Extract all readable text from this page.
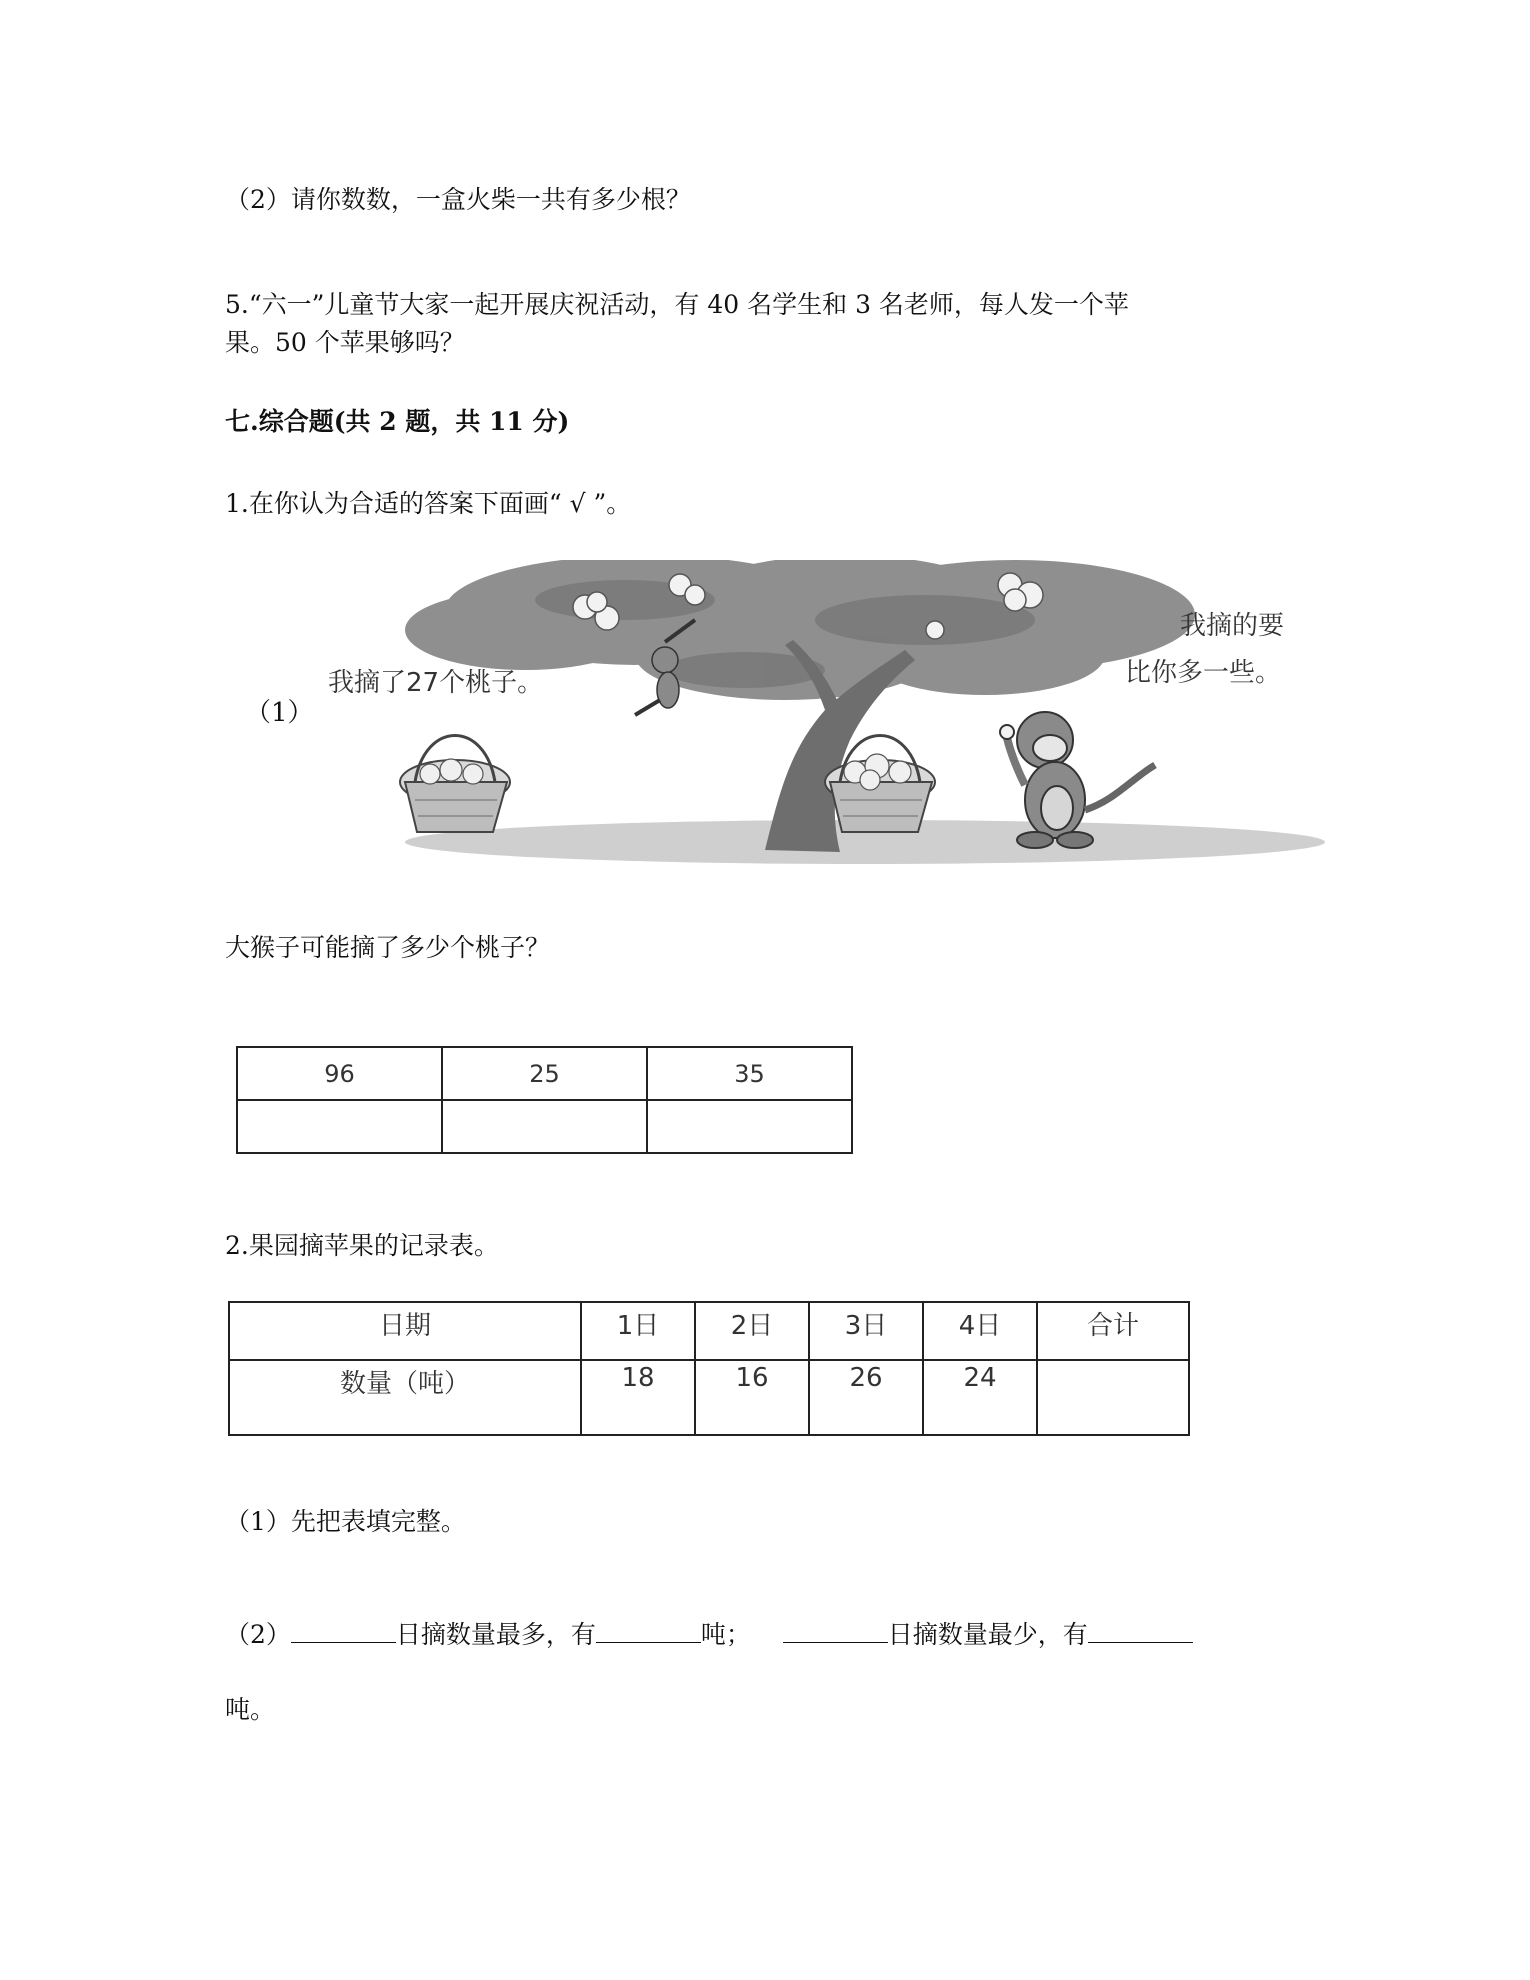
（2）请你数数，一盒火柴一共有多少根？
5.“六一”儿童节大家一起开展庆祝活动，有 40 名学生和 3 名老师，每人发一个苹
果。50 个苹果够吗？
七.综合题(共 2 题，共 11 分)
1.在你认为合适的答案下面画“ √ ”。
（1）
我摘了27个桃子。
我摘的要
比你多一些。
大猴子可能摘了多少个桃子？
96	25	35

2.果园摘苹果的记录表。
日期	1日	2日	3日	4日	合计
数量（吨）	18	16	26	24	
（1）先把表填完整。
（2）	日摘数量最多，有	吨；	日摘数量最少，有
吨。
